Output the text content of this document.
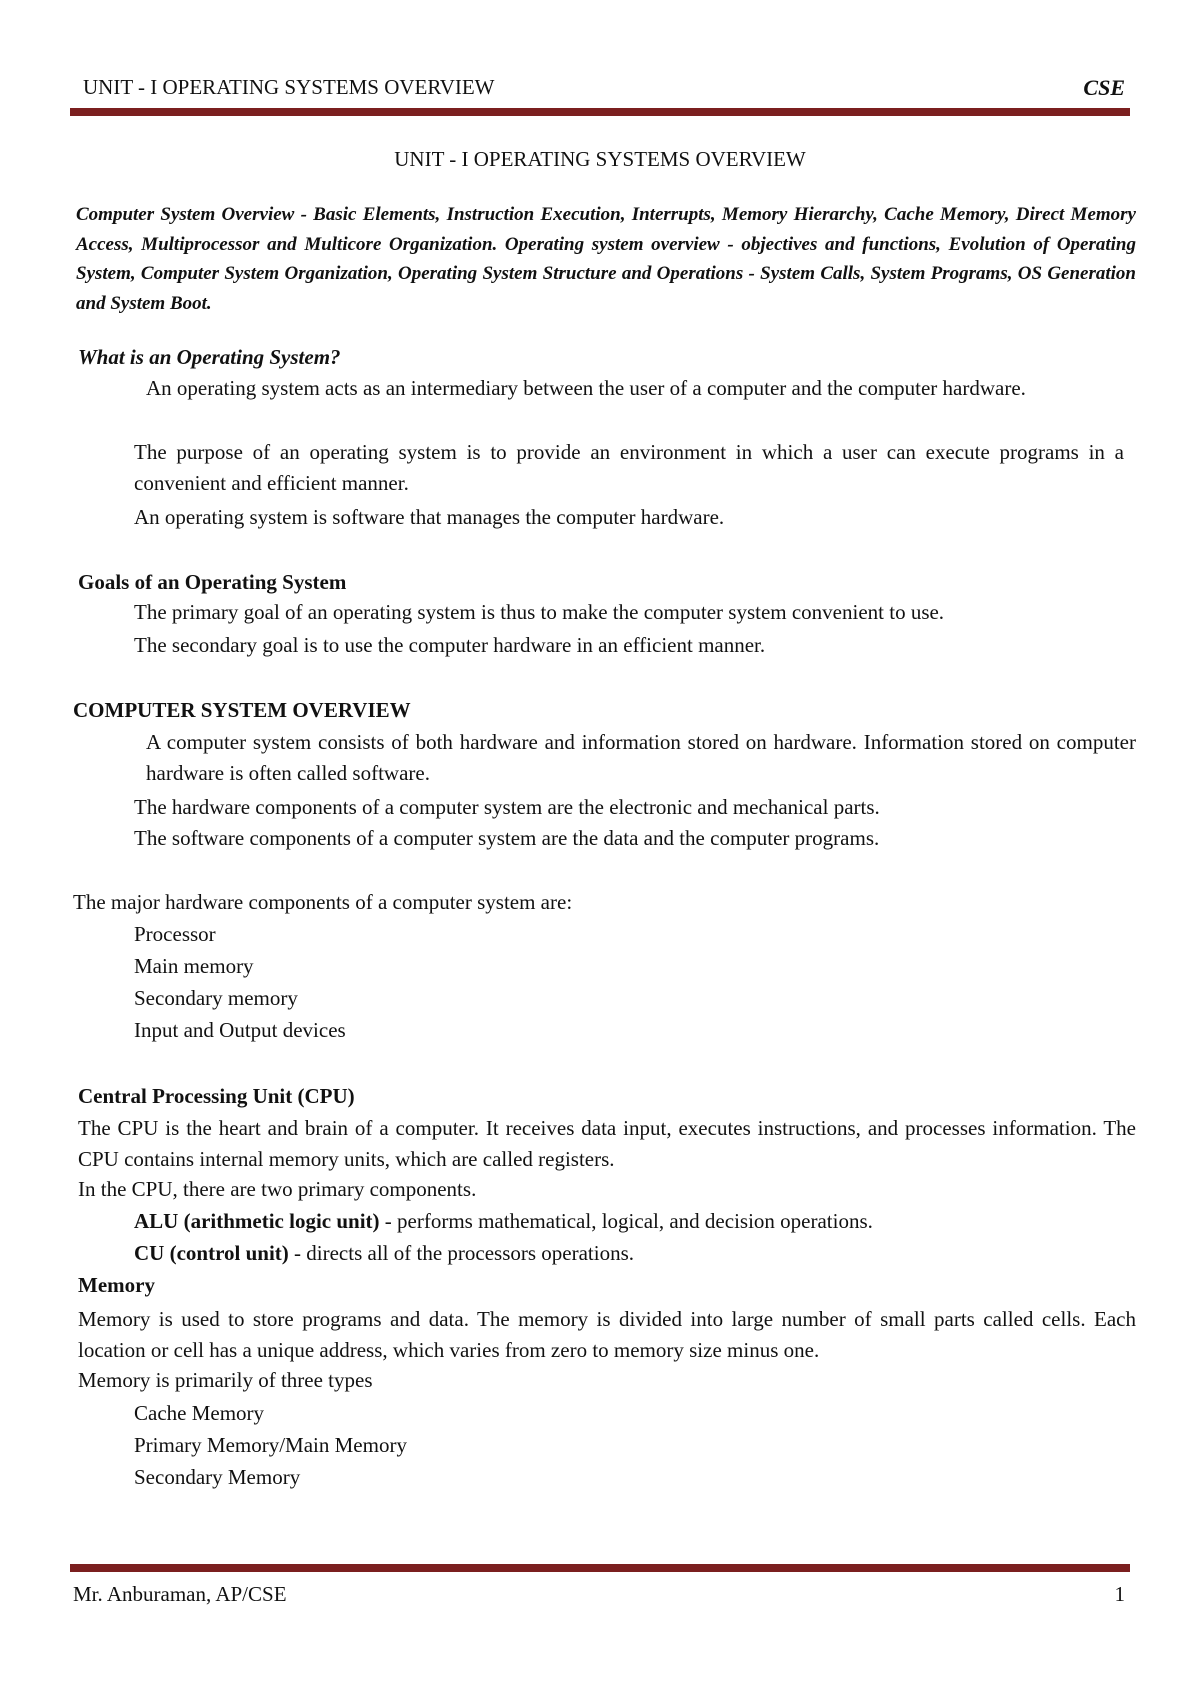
UNIT - I OPERATING SYSTEMS OVERVIEW	CSE
UNIT - I OPERATING SYSTEMS OVERVIEW
Computer System Overview - Basic Elements, Instruction Execution, Interrupts, Memory Hierarchy, Cache Memory, Direct Memory Access, Multiprocessor and Multicore Organization. Operating system overview - objectives and functions, Evolution of Operating System, Computer System Organization, Operating System Structure and Operations - System Calls, System Programs, OS Generation and System Boot.
What is an Operating System?
An operating system acts as an intermediary between the user of a computer and the computer hardware.
The purpose of an operating system is to provide an environment in which a user can execute programs in a convenient and efficient manner.
An operating system is software that manages the computer hardware.
Goals of an Operating System
The primary goal of an operating system is thus to make the computer system convenient to use.
The secondary goal is to use the computer hardware in an efficient manner.
COMPUTER SYSTEM OVERVIEW
A computer system consists of both hardware and information stored on hardware. Information stored on computer hardware is often called software.
The hardware components of a computer system are the electronic and mechanical parts.
The software components of a computer system are the data and the computer programs.
The major hardware components of a computer system are:
Processor
Main memory
Secondary memory
Input and Output devices
Central Processing Unit (CPU)
The CPU is the heart and brain of a computer. It receives data input, executes instructions, and processes information. The CPU contains internal memory units, which are called registers.
In the CPU, there are two primary components.
ALU (arithmetic logic unit) - performs mathematical, logical, and decision operations.
CU (control unit) - directs all of the processors operations.
Memory
Memory is used to store programs and data. The memory is divided into large number of small parts called cells. Each location or cell has a unique address, which varies from zero to memory size minus one.
Memory is primarily of three types
Cache Memory
Primary Memory/Main Memory
Secondary Memory
Mr. Anburaman, AP/CSE	1
